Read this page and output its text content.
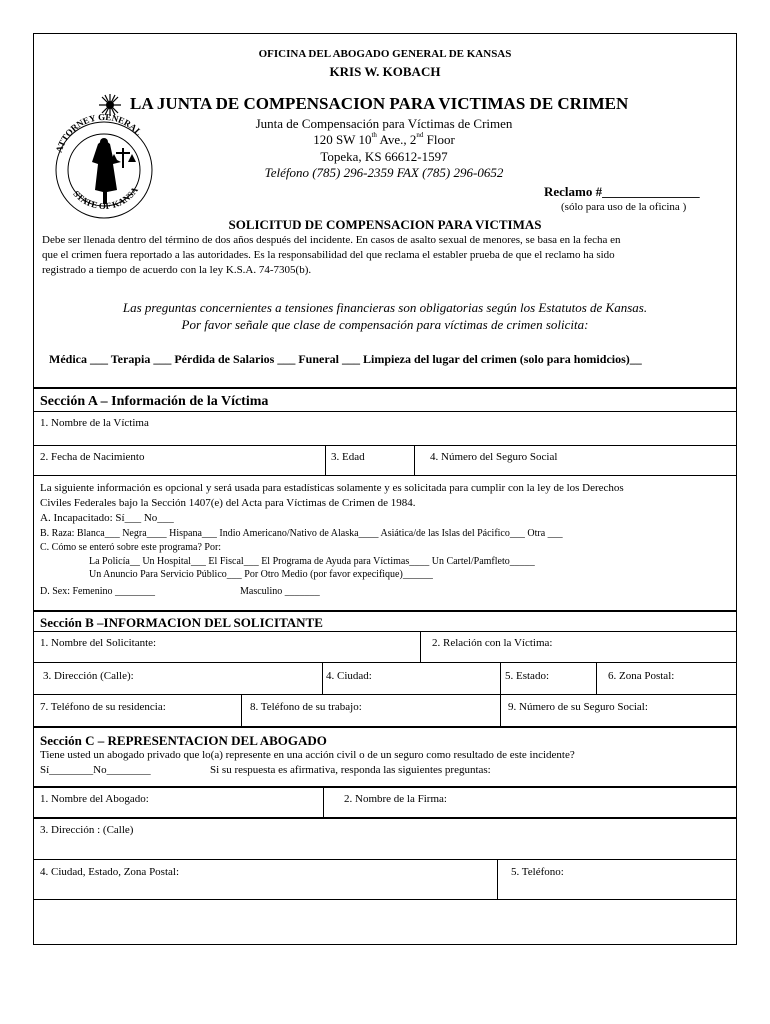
OFICINA DEL ABOGADO GENERAL DE KANSAS
KRIS W. KOBACH
ATTORNEY GENERAL
STATE OF KANSA
LA JUNTA DE COMPENSACION PARA VICTIMAS DE CRIMEN
Junta de Compensación para Víctimas de Crimen
120 SW 10th Ave., 2nd Floor
Topeka, KS 66612-1597
Teléfono (785) 296-2359 FAX (785) 296-0652
Reclamo #_______________
(sólo para uso de la oficina )
SOLICITUD DE COMPENSACION PARA VICTIMAS
Debe ser llenada dentro del término de dos años después del incidente. En casos de asalto sexual de menores, se basa en la fecha en
que el crimen fuera reportado a las autoridades. Es la responsabilidad del que reclama el establer prueba de que el reclamo ha sido
registrado a tiempo de acuerdo con la ley K.S.A. 74-7305(b).
Las preguntas concernientes a tensiones financieras son obligatorias según los Estatutos de Kansas.
Por favor señale que clase de compensación para víctimas de crimen solicita:
Médica ___ Terapia ___ Pérdida de Salarios ___ Funeral ___ Limpieza del lugar del crimen (solo para homidcios)__
Sección A – Información de la Víctima
1. Nombre de la Víctima
2. Fecha de Nacimiento	3. Edad	4. Número del Seguro Social
La siguiente información es opcional y será usada para estadísticas solamente y es solicitada para cumplir con la ley de los Derechos
Civiles Federales bajo la Sección 1407(e) del Acta para Víctimas de Crimen de 1984.
A. Incapacitado: Sí___ No___
B. Raza: Blanca___ Negra____ Hispana___ Indio Americano/Nativo de Alaska____ Asiática/de las Islas del Pácifico___ Otra ___
C. Cómo se enteró sobre este programa? Por:
La Policía__ Un Hospital___ El Fiscal___ El Programa de Ayuda para Víctimas____ Un Cartel/Pamfleto_____
Un Anuncio Para Servicio Público___ Por Otro Medio (por favor expecifique)______
D. Sex: Femenino ________	Masculino _______
Sección B –INFORMACION DEL SOLICITANTE
1. Nombre del Solicitante:	2. Relación con la Víctima:
3. Dirección (Calle):	4. Ciudad:	5. Estado:	6. Zona Postal:
7. Teléfono de su residencia:	8. Teléfono de su trabajo:	9. Número de su Seguro Social:
Sección C – REPRESENTACION DEL ABOGADO
Tiene usted un abogado privado que lo(a) represente en una acción civil o de un seguro como resultado de este incidente?
Sí________No________	Si su respuesta es afirmativa, responda las siguientes preguntas:
1. Nombre del Abogado:	2. Nombre de la Firma:
3. Dirección : (Calle)
4. Ciudad, Estado, Zona Postal:	5. Teléfono:
